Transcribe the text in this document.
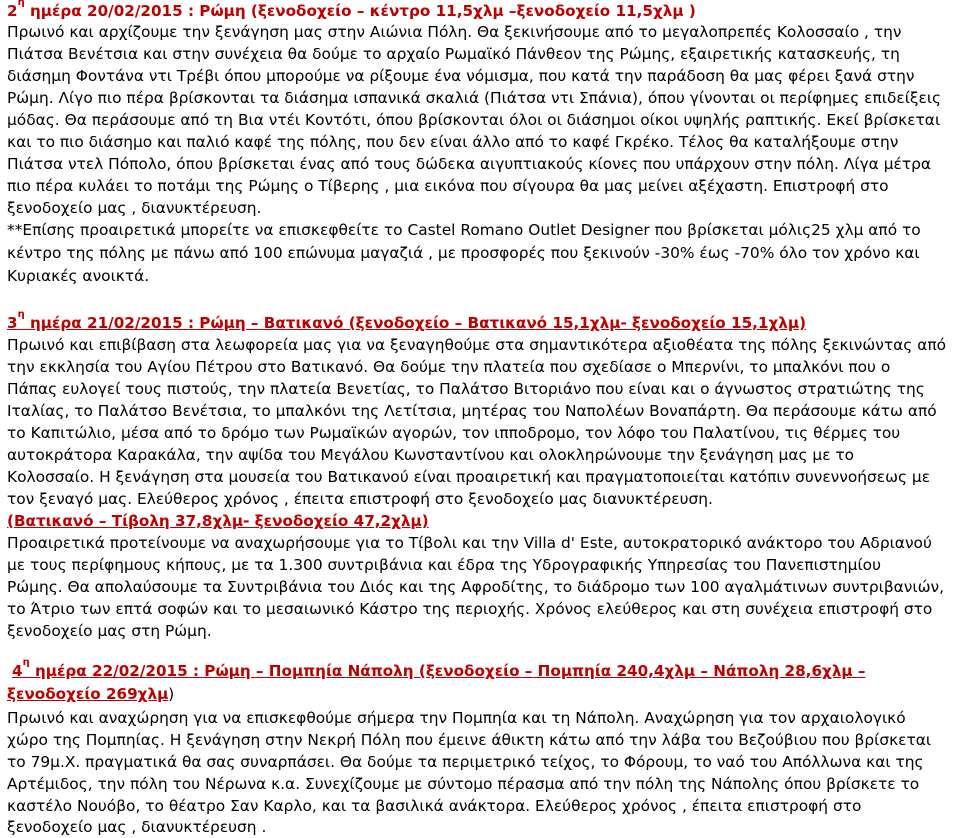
$2^\eta$ ημέρα 20/02/2015 : Ρώμη (ξενοδοχείο – κέντρο 11,5χλμ –ξενοδοχείο 11,5χλμ )
Πρωινό και αρχίζουμε την ξενάγηση μας στην Αιώνια Πόλη. Θα ξεκινήσουμε από το μεγαλοπρεπές Κολοσσαίο , την
Πιάτσα Βενέτσια και στην συνέχεια θα δούμε το αρχαίο Ρωμαϊκό Πάνθεον της Ρώμης, εξαιρετικής κατασκευής, τη
διάσημη Φοντάνα ντι Τρέβι όπου μπορούμε να ρίξουμε ένα νόμισμα, που κατά την παράδοση θα μας φέρει ξανά στην
Ρώμη. Λίγο πιο πέρα βρίσκονται τα διάσημα ισπανικά σκαλιά (Πιάτσα ντι Σπάνια), όπου γίνονται οι περίφημες επιδείξεις
μόδας. Θα περάσουμε από τη Βια ντέι Κοντότι, όπου βρίσκονται όλοι οι διάσημοι οίκοι υψηλής ραπτικής. Εκεί βρίσκεται
και το πιο διάσημο και παλιό καφέ της πόλης, που δεν είναι άλλο από το καφέ Γκρέκο. Τέλος θα καταλήξουμε στην
Πιάτσα ντελ Πόπολο, όπου βρίσκεται ένας από τους δώδεκα αιγυπτιακούς κίονες που υπάρχουν στην πόλη. Λίγα μέτρα
πιο πέρα κυλάει το ποτάμι της Ρώμης ο Τίβερης , μια εικόνα που σίγουρα θα μας μείνει αξέχαστη. Επιστροφή στο
ξενοδοχείο μας , διανυκτέρευση.
**Επίσης προαιρετικά μπορείτε να επισκεφθείτε το Castel Romano Outlet Designer που βρίσκεται μόλις25 χλμ από το
κέντρο της πόλης με πάνω από 100 επώνυμα μαγαζιά , με προσφορές που ξεκινούν -30% έως -70% όλο τον χρόνο και
Κυριακές ανοικτά.
$3^\eta$ ημέρα 21/02/2015 : Ρώμη – Βατικανό (ξενοδοχείο – Βατικανό 15,1χλμ- ξενοδοχείο 15,1χλμ)
Πρωινό και επιβίβαση στα λεωφορεία μας για να ξεναγηθούμε στα σημαντικότερα αξιοθέατα της πόλης ξεκινώντας από
την εκκλησία του Αγίου Πέτρου στο Βατικανό. Θα δούμε την πλατεία που σχεδίασε ο Μπερνίνι, το μπαλκόνι που ο
Πάπας ευλογεί τους πιστούς, την πλατεία Βενετίας, το Παλάτσο Βιτοριάνο που είναι και ο άγνωστος στρατιώτης της
Ιταλίας, το Παλάτσο Βενέτσια, το μπαλκόνι της Λετίτσια, μητέρας του Ναπολέων Βοναπάρτη. Θα περάσουμε κάτω από
το Καπιτώλιο, μέσα από το δρόμο των Ρωμαϊκών αγορών, τον ιπποδρομο, τον λόφο του Παλατίνου, τις θέρμες του
αυτοκράτορα Καρακάλα, την αψίδα του Μεγάλου Κωνσταντίνου και ολοκληρώνουμε την ξενάγηση μας με το
Κολοσσαίο. Η ξενάγηση στα μουσεία του Βατικανού είναι προαιρετική και πραγματοποιείται κατόπιν συνεννοήσεως με
τον ξεναγό μας. Ελεύθερος χρόνος , έπειτα επιστροφή στο ξενοδοχείο μας διανυκτέρευση.
(Βατικανό – Τίβολη 37,8χλμ- ξενοδοχείο 47,2χλμ)
Προαιρετικά προτείνουμε να αναχωρήσουμε για το Τίβολι και την Villa d' Este, αυτοκρατορικό ανάκτορο του Αδριανού
με τους περίφημους κήπους, με τα 1.300 συντριβάνια και έδρα της Υδρογραφικής Υπηρεσίας του Πανεπιστημίου
Ρώμης. Θα απολαύσουμε τα Συντριβάνια του Διός και της Αφροδίτης, το διάδρομο των 100 αγαλμάτινων συντριβανιών,
το Άτριο των επτά σοφών και το μεσαιωνικό Κάστρο της περιοχής. Χρόνος ελεύθερος και στη συνέχεια επιστροφή στο
ξενοδοχείο μας στη Ρώμη.
$4^\eta$ ημέρα 22/02/2015 : Ρώμη – Πομπηία Νάπολη (ξενοδοχείο – Πομπηία 240,4χλμ – Νάπολη 28,6χλμ –
ξενοδοχείο 269χλμ)
Πρωινό και αναχώρηση για να επισκεφθούμε σήμερα την Πομπηία και τη Νάπολη. Αναχώρηση για τον αρχαιολογικό
χώρο της Πομπηίας. Η ξενάγηση στην Νεκρή Πόλη που έμεινε άθικτη κάτω από την λάβα του Βεζούβιου που βρίσκεται
το 79μ.Χ. πραγματικά θα σας συναρπάσει. Θα δούμε τα περιμετρικό τείχος, το Φόρουμ, το ναό του Απόλλωνα και της
Αρτέμιδος, την πόλη του Νέρωνα κ.α. Συνεχίζουμε με σύντομο πέρασμα από την πόλη της Νάπολης όπου βρίσκετε το
καστέλο Νουόβο, το θέατρο Σαν Καρλο, και τα βασιλικά ανάκτορα. Ελεύθερος χρόνος , έπειτα επιστροφή στο
ξενοδοχείο μας , διανυκτέρευση .
